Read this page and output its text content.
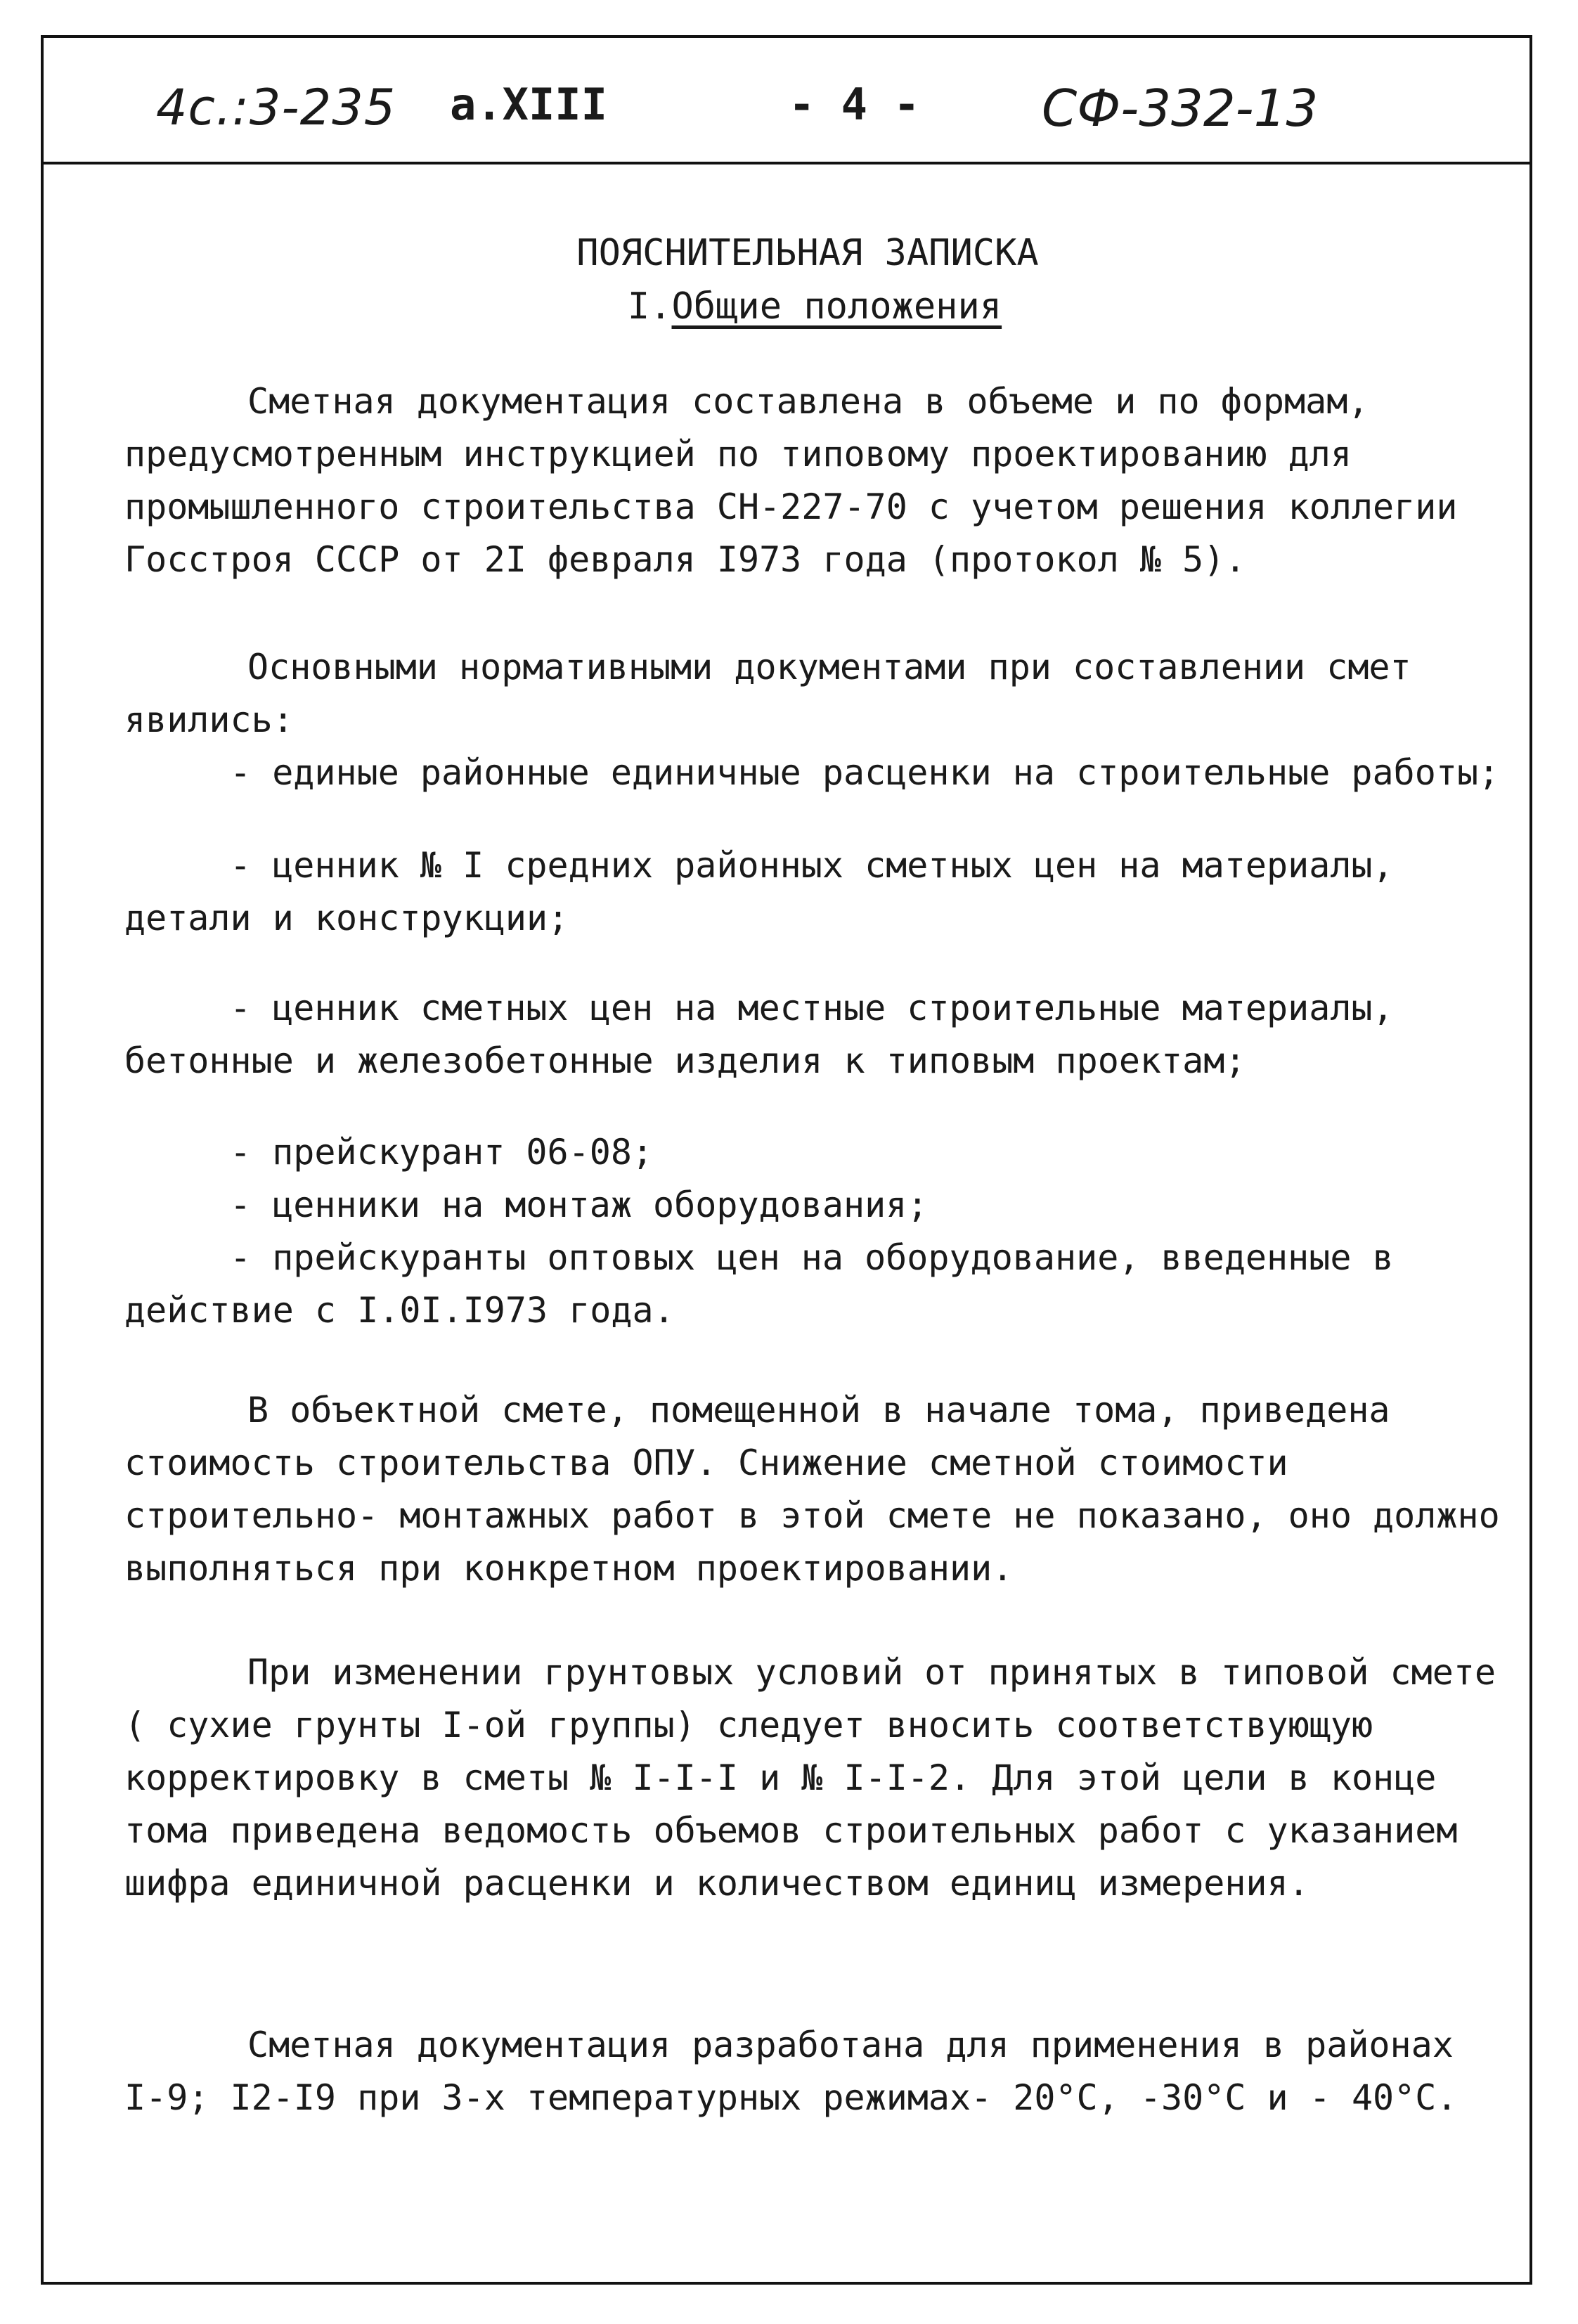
4с.:3-235 а.XIII	- 4 - СФ-332-13
ПОЯСНИТЕЛЬНАЯ ЗАПИСКА
I.Общие положения

Сметная документация составлена в объеме и по формам, предусмотренным инструкцией по типовому проектированию для промышленного строительства СН-227-70 с учетом решения коллегии Госстроя СССР от 2I февраля I973 года (протокол № 5).

Основными нормативными документами при составлении смет явились:

- единые районные единичные расценки на строительные работы;

- ценник № I средних районных сметных цен на материалы, детали и конструкции;

- ценник сметных цен на местные строительные материалы, бетонные и железобетонные изделия к типовым проектам;

- прейскурант 06-08;

- ценники на монтаж оборудования;

- прейскуранты оптовых цен на оборудование, введенные в действие с I.0I.I973 года.

В объектной смете, помещенной в начале тома, приведена стоимость строительства ОПУ. Снижение сметной стоимости строительно- монтажных работ в этой смете не показано, оно должно выполняться при конкретном проектировании.

При изменении грунтовых условий от принятых в типовой смете ( сухие грунты I-ой группы) следует вносить соответствующую корректировку в сметы № I-I-I и № I-I-2. Для этой цели в конце тома приведена ведомость объемов строительных работ с указанием шифра единичной расценки и количеством единиц измерения.

Сметная документация разработана для применения в районах I-9; I2-I9 при 3-х температурных режимах- 20°С, -30°С и - 40°С.
